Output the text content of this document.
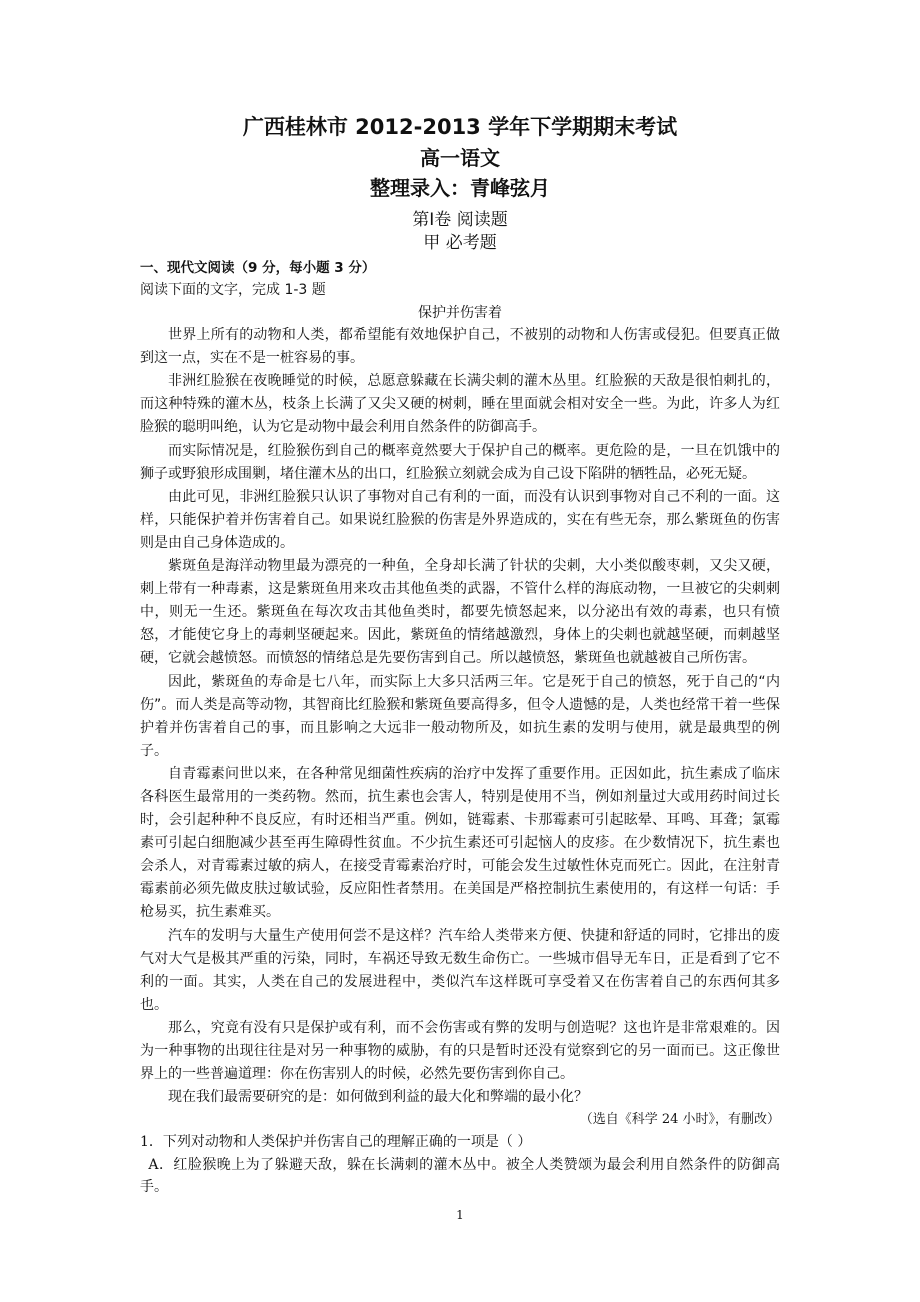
广西桂林市 2012-2013 学年下学期期末考试

高一语文

整理录入：青峰弦月

第Ⅰ卷 阅读题

甲 必考题

一、现代文阅读（9 分，每小题 3 分）

阅读下面的文字，完成 1-3 题

保护并伤害着

世界上所有的动物和人类，都希望能有效地保护自己，不被别的动物和人伤害或侵犯。但要真正做到这一点，实在不是一桩容易的事。

非洲红脸猴在夜晚睡觉的时候，总愿意躲藏在长满尖刺的灌木丛里。红脸猴的天敌是很怕刺扎的，而这种特殊的灌木丛，枝条上长满了又尖又硬的树刺，睡在里面就会相对安全一些。为此，许多人为红脸猴的聪明叫绝，认为它是动物中最会利用自然条件的防御高手。

而实际情况是，红脸猴伤到自己的概率竟然要大于保护自己的概率。更危险的是，一旦在饥饿中的狮子或野狼形成围剿，堵住灌木丛的出口，红脸猴立刻就会成为自己设下陷阱的牺牲品，必死无疑。

由此可见，非洲红脸猴只认识了事物对自己有利的一面，而没有认识到事物对自己不利的一面。这样，只能保护着并伤害着自己。如果说红脸猴的伤害是外界造成的，实在有些无奈，那么紫斑鱼的伤害则是由自己身体造成的。

紫斑鱼是海洋动物里最为漂亮的一种鱼，全身却长满了针状的尖刺，大小类似酸枣刺，又尖又硬，刺上带有一种毒素，这是紫斑鱼用来攻击其他鱼类的武器，不管什么样的海底动物，一旦被它的尖刺刺中，则无一生还。紫斑鱼在每次攻击其他鱼类时，都要先愤怒起来，以分泌出有效的毒素，也只有愤怒，才能使它身上的毒刺坚硬起来。因此，紫斑鱼的情绪越激烈，身体上的尖刺也就越坚硬，而刺越坚硬，它就会越愤怒。而愤怒的情绪总是先要伤害到自己。所以越愤怒，紫斑鱼也就越被自己所伤害。

因此，紫斑鱼的寿命是七八年，而实际上大多只活两三年。它是死于自己的愤怒，死于自己的“内伤”。而人类是高等动物，其智商比红脸猴和紫斑鱼要高得多，但令人遗憾的是，人类也经常干着一些保护着并伤害着自己的事，而且影响之大远非一般动物所及，如抗生素的发明与使用，就是最典型的例子。

自青霉素问世以来，在各种常见细菌性疾病的治疗中发挥了重要作用。正因如此，抗生素成了临床各科医生最常用的一类药物。然而，抗生素也会害人，特别是使用不当，例如剂量过大或用药时间过长时，会引起种种不良反应，有时还相当严重。例如，链霉素、卡那霉素可引起眩晕、耳鸣、耳聋；氯霉素可引起白细胞减少甚至再生障碍性贫血。不少抗生素还可引起恼人的皮疹。在少数情况下，抗生素也会杀人，对青霉素过敏的病人，在接受青霉素治疗时，可能会发生过敏性休克而死亡。因此，在注射青霉素前必须先做皮肤过敏试验，反应阳性者禁用。在美国是严格控制抗生素使用的，有这样一句话：手枪易买，抗生素难买。

汽车的发明与大量生产使用何尝不是这样？汽车给人类带来方便、快捷和舒适的同时，它排出的废气对大气是极其严重的污染，同时，车祸还导致无数生命伤亡。一些城市倡导无车日，正是看到了它不利的一面。其实，人类在自己的发展进程中，类似汽车这样既可享受着又在伤害着自己的东西何其多也。

那么，究竟有没有只是保护或有利，而不会伤害或有弊的发明与创造呢？这也许是非常艰难的。因为一种事物的出现往往是对另一种事物的威胁，有的只是暂时还没有觉察到它的另一面而已。这正像世界上的一些普遍道理：你在伤害别人的时候，必然先要伤害到你自己。

现在我们最需要研究的是：如何做到利益的最大化和弊端的最小化？

（选自《科学 24 小时》，有删改）

1．下列对动物和人类保护并伤害自己的理解正确的一项是（ ）

A．红脸猴晚上为了躲避天敌，躲在长满刺的灌木丛中。被全人类赞颂为最会利用自然条件的防御高手。

1
